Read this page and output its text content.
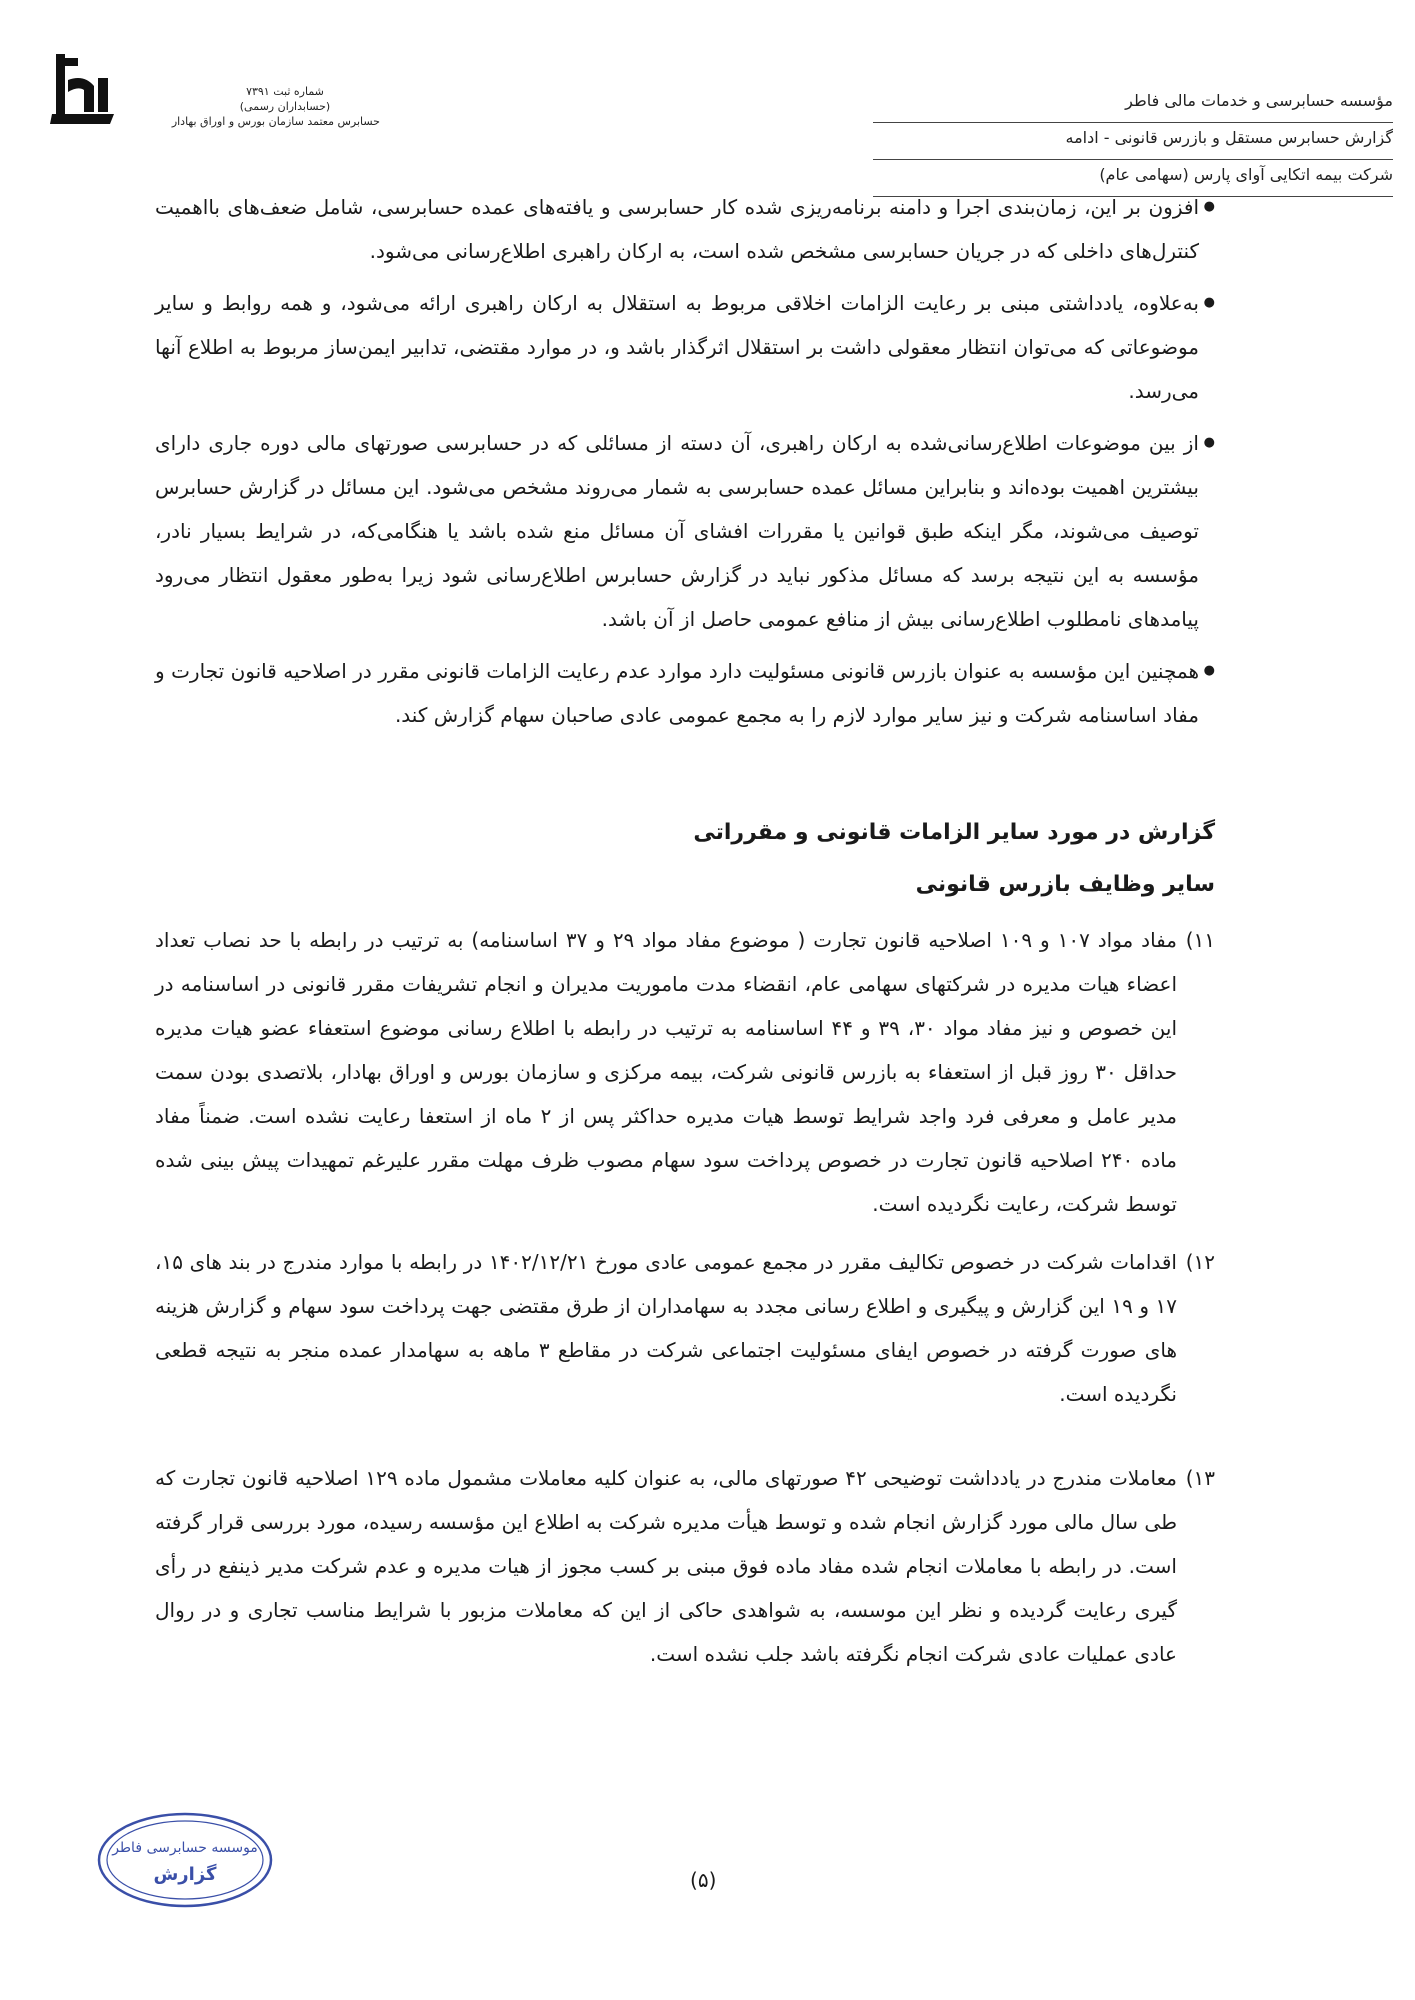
شماره ثبت ۷۳۹۱
(حسابداران رسمی)
حسابرس معتمد سازمان بورس و اوراق بهادار
ﻣﺆﺳﺴﻪ حسابرسی و خدمات مالی فاطر
گزارش حسابرس مستقل و بازرس قانونی - ادامه
شرکت بیمه اتکایی آوای پارس (سهامی عام)
● افزون بر این، زمان‌بندی اجرا و دامنه برنامه‌ریزی شده کار حسابرسی و یافته‌های عمده حسابرسی، شامل ضعف‌های بااهمیت کنترل‌های داخلی که در جریان حسابرسی مشخص شده است، به ارکان راهبری اطلاع‌رسانی می‌شود.
● به‌علاوه، یادداشتی مبنی بر رعایت الزامات اخلاقی مربوط به استقلال به ارکان راهبری ارائه می‌شود، و همه روابط و سایر موضوعاتی که می‌توان انتظار معقولی داشت بر استقلال اثرگذار باشد و، در موارد مقتضی، تدابیر ایمن‌ساز مربوط به اطلاع آنها می‌رسد.
● از بین موضوعات اطلاع‌رسانی‌شده به ارکان راهبری، آن دسته از مسائلی که در حسابرسی صورتهای مالی دوره جاری دارای بیشترین اهمیت بوده‌اند و بنابراین مسائل عمده حسابرسی به شمار می‌روند مشخص می‌شود. این مسائل در گزارش حسابرس توصیف می‌شوند، مگر اینکه طبق قوانین یا مقررات افشای آن مسائل منع شده باشد یا هنگامی‌که، در شرایط بسیار نادر، مؤسسه به این نتیجه برسد که مسائل مذکور نباید در گزارش حسابرس اطلاع‌رسانی شود زیرا به‌طور معقول انتظار می‌رود پیامدهای نامطلوب اطلاع‌رسانی بیش از منافع عمومی حاصل از آن باشد.
● همچنین این مؤسسه به عنوان بازرس قانونی مسئولیت دارد موارد عدم رعایت الزامات قانونی مقرر در اصلاحیه قانون تجارت و مفاد اساسنامه شرکت و نیز سایر موارد لازم را به مجمع عمومی عادی صاحبان سهام گزارش کند.
گزارش در مورد سایر الزامات قانونی و مقرراتی
سایر وظایف بازرس قانونی
۱۱)
مفاد مواد ۱۰۷ و ۱۰۹ اصلاحیه قانون تجارت ( موضوع مفاد مواد ۲۹ و ۳۷ اساسنامه) به ترتیب در رابطه با حد نصاب تعداد اعضاء هیات مدیره در شرکتهای سهامی عام، انقضاء مدت ماموریت مدیران و انجام تشریفات مقرر قانونی در اساسنامه در این خصوص و نیز مفاد مواد ۳۰، ۳۹ و ۴۴ اساسنامه به ترتیب در رابطه با اطلاع رسانی موضوع استعفاء عضو هیات مدیره حداقل ۳۰ روز قبل از استعفاء به بازرس قانونی شرکت، بیمه مرکزی و سازمان بورس و اوراق بهادار، بلاتصدی بودن سمت مدیر عامل و معرفی فرد واجد شرایط توسط هیات مدیره حداکثر پس از ۲ ماه از استعفا رعایت نشده است. ضمناً مفاد ماده ۲۴۰ اصلاحیه قانون تجارت در خصوص پرداخت سود سهام مصوب ظرف مهلت مقرر علیرغم تمهیدات پیش بینی شده توسط شرکت، رعایت نگردیده است.
۱۲)
اقدامات شرکت در خصوص تکالیف مقرر در مجمع عمومی عادی مورخ ۱۴۰۲/۱۲/۲۱ در رابطه با موارد مندرج در بند های ۱۵، ۱۷ و ۱۹ این گزارش و پیگیری و اطلاع رسانی مجدد به سهامداران از طرق مقتضی جهت پرداخت سود سهام و گزارش هزینه های صورت گرفته در خصوص ایفای مسئولیت اجتماعی شرکت در مقاطع ۳ ماهه به سهامدار عمده منجر به نتیجه قطعی نگردیده است.
۱۳)
معاملات مندرج در یادداشت توضیحی ۴۲ صورتهای مالی، به عنوان کلیه معاملات مشمول ماده ۱۲۹ اصلاحیه قانون تجارت که طی سال مالی مورد گزارش انجام شده و توسط هیأت مدیره شرکت به اطلاع این مؤسسه رسیده، مورد بررسی قرار گرفته است. در رابطه با معاملات انجام شده مفاد ماده فوق مبنی بر کسب مجوز از هیات مدیره و عدم شرکت مدیر ذینفع در رأی گیری رعایت گردیده و نظر این موسسه، به شواهدی حاکی از این که معاملات مزبور با شرایط مناسب تجاری و در روال عادی عملیات عادی شرکت انجام نگرفته باشد جلب نشده است.
موسسه حسابرسی فاطر
گزارش	(۵)
